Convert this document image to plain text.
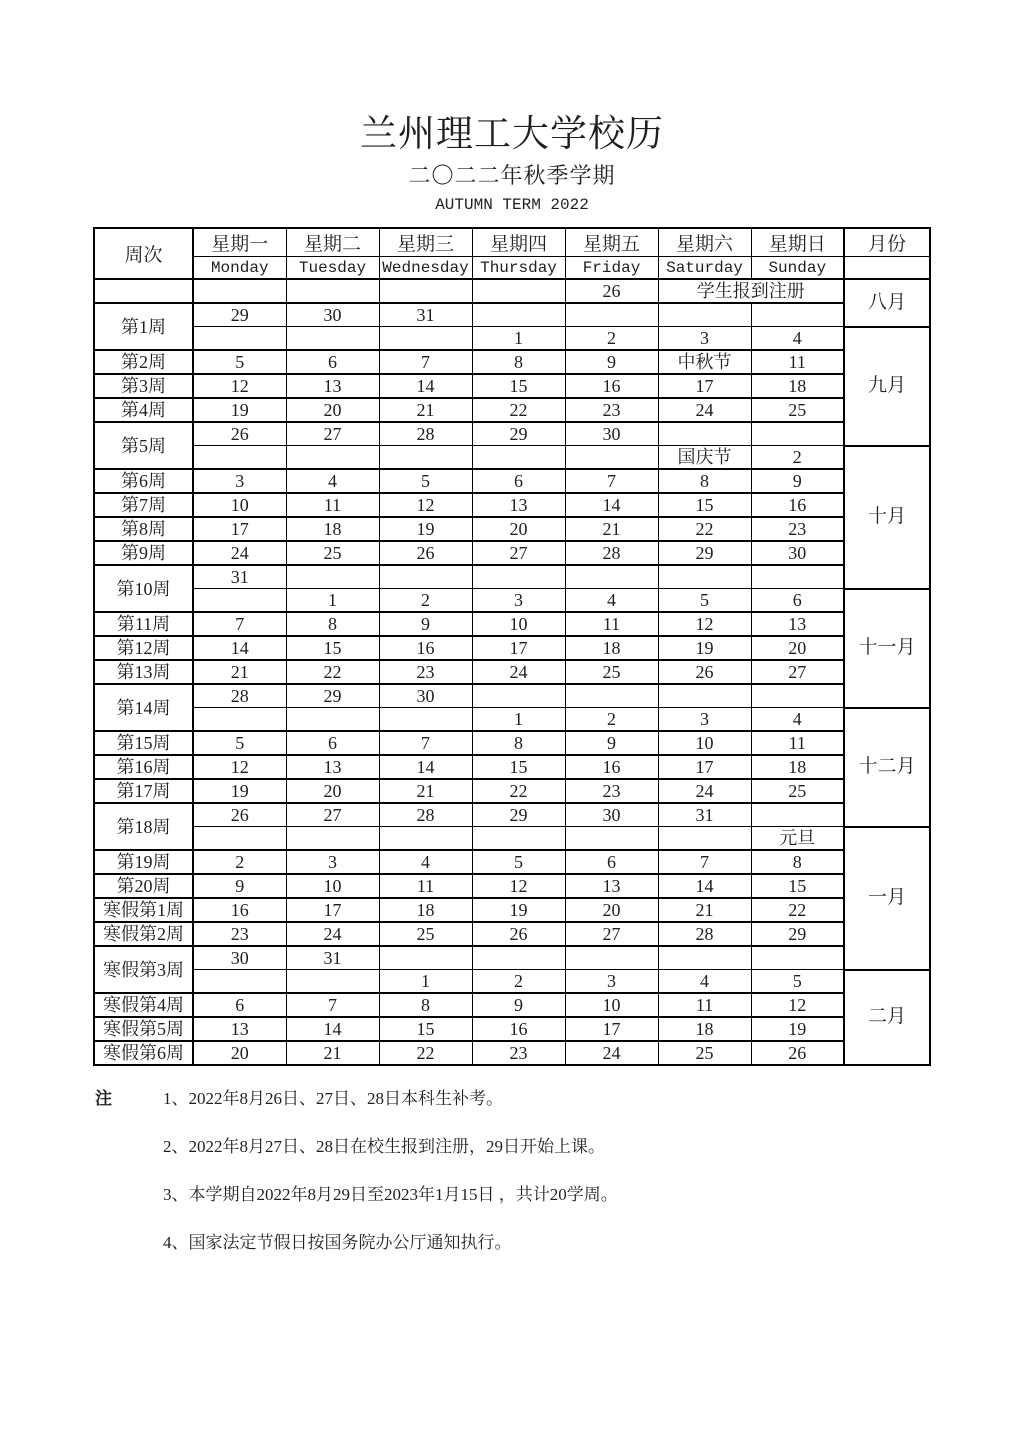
兰州理工大学校历
二〇二二年秋季学期
AUTUMN TERM 2022
周次	星期一	星期二	星期三	星期四	星期五	星期六	星期日	月份
	Monday	Tuesday	Wednesday	Thursday	Friday	Saturday	Sunday	
					26	学生报到注册		八月
第1周	29	30	31					
				1	2	3	4	九月
第2周	5	6	7	8	9	中秋节	11	
第3周	12	13	14	15	16	17	18	
第4周	19	20	21	22	23	24	25	
第5周	26	27	28	29	30			
						国庆节	2	十月
第6周	3	4	5	6	7	8	9	
第7周	10	11	12	13	14	15	16	
第8周	17	18	19	20	21	22	23	
第9周	24	25	26	27	28	29	30	
第10周	31							
		1	2	3	4	5	6	十一月
第11周	7	8	9	10	11	12	13	
第12周	14	15	16	17	18	19	20	
第13周	21	22	23	24	25	26	27	
第14周	28	29	30					
				1	2	3	4	十二月
第15周	5	6	7	8	9	10	11	
第16周	12	13	14	15	16	17	18	
第17周	19	20	21	22	23	24	25	
第18周	26	27	28	29	30	31		
							元旦	一月
第19周	2	3	4	5	6	7	8	
第20周	9	10	11	12	13	14	15	
寒假第1周	16	17	18	19	20	21	22	
寒假第2周	23	24	25	26	27	28	29	
寒假第3周	30	31						
			1	2	3	4	5	二月
寒假第4周	6	7	8	9	10	11	12	
寒假第5周	13	14	15	16	17	18	19	
寒假第6周	20	21	22	23	24	25	26	
注	1、2022年8月26日、27日、28日本科生补考。
2、2022年8月27日、28日在校生报到注册，29日开始上课。
3、本学期自2022年8月29日至2023年1月15日 ，共计20学周。
4、国家法定节假日按国务院办公厅通知执行。
